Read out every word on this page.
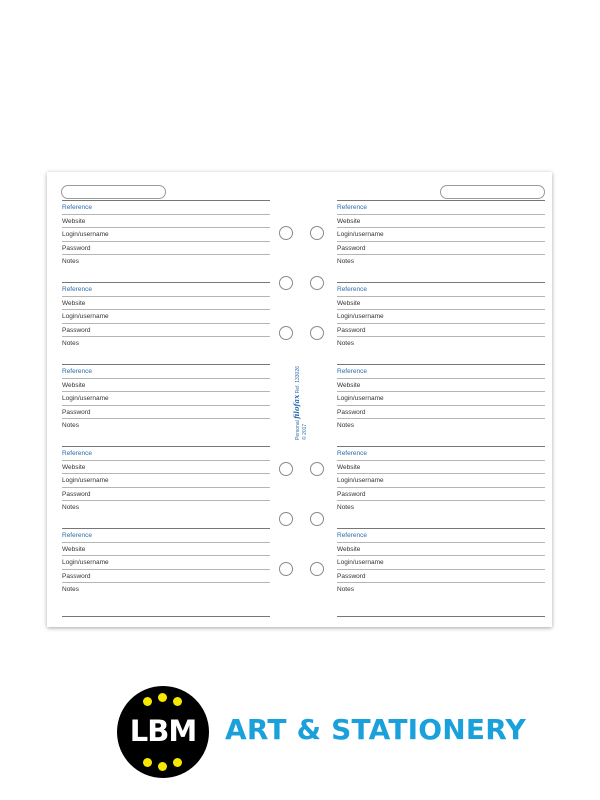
Reference
Website
Login/username
Password
Notes
Reference
Website
Login/username
Password
Notes
Reference
Website
Login/username
Password
Notes
Reference
Website
Login/username
Password
Notes
Reference
Website
Login/username
Password
Notes
Reference
Website
Login/username
Password
Notes
Reference
Website
Login/username
Password
Notes
Reference
Website
Login/username
Password
Notes
Reference
Website
Login/username
Password
Notes
Reference
Website
Login/username
Password
Notes
Personal filofax Ref. 133026
© 2017
LBM	ART & STATIONERY
